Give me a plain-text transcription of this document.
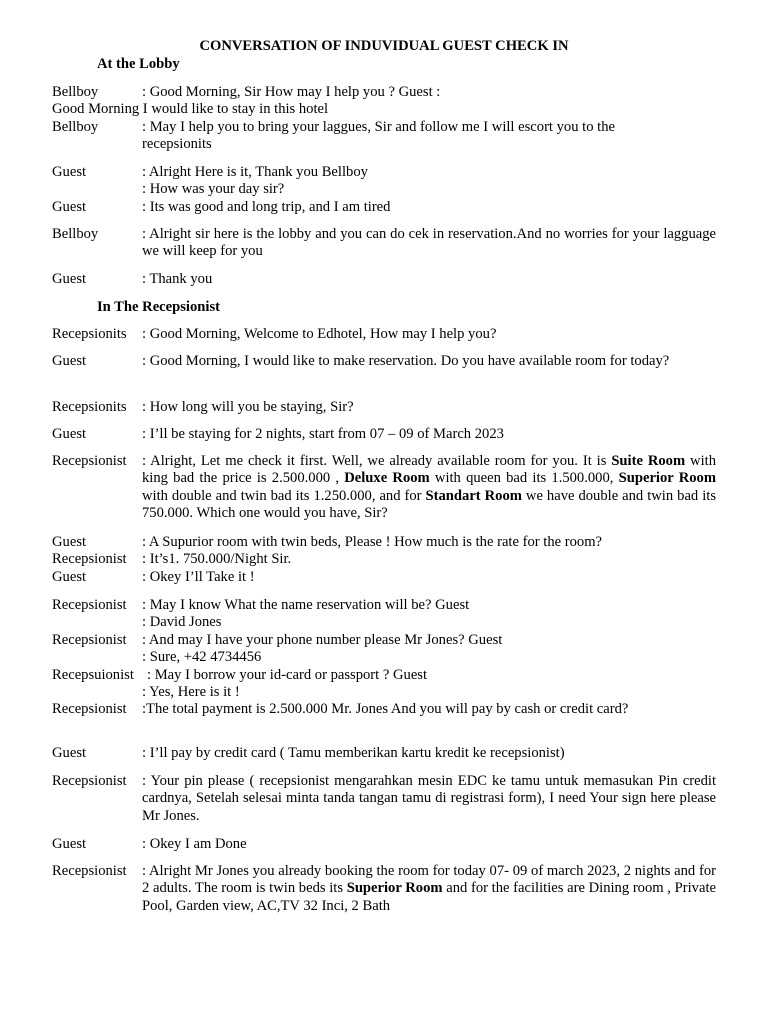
CONVERSATION OF INDUVIDUAL GUEST CHECK IN
At the Lobby
Bellboy	: Good Morning, Sir How may I help you ? Guest :
Good Morning I would like to stay in this hotel
Bellboy	: May I help you to bring your laggues, Sir and follow me I will escort you to the
recepsionits
Guest	: Alright Here is it, Thank you Bellboy
: How was your day sir?
Guest	: Its was good and long trip, and I am tired
Bellboy	: Alright sir here is the lobby and you can do cek in reservation.And no worries for your lagguage we will keep for you
Guest	: Thank you
In The Recepsionist
Recepsionits : Good Morning, Welcome to Edhotel, How may I help you?
Guest	: Good Morning, I would like to make reservation. Do you have available room for today?
Recepsionits : How long will you be staying, Sir?
Guest	: I’ll be staying for 2 nights, start from 07 – 09 of March 2023
Recepsionist	: Alright, Let me check it first. Well, we already available room for you. It is Suite Room with king bad the price is 2.500.000 , Deluxe Room with queen bad its 1.500.000, Superior Room with double and twin bad its 1.250.000, and for Standart Room we have double and twin bad its 750.000. Which one would you have, Sir?
Guest	: A Supurior room with twin beds, Please ! How much is the rate for the room?
Recepsionist : It’s1. 750.000/Night Sir.
Guest	: Okey I’ll Take it !
Recepsionist : May I know What the name reservation will be? Guest
: David Jones
Recepsionist : And may I have your phone number please Mr Jones? Guest
: Sure, +42 4734456
Recepsuionist : May I borrow your id-card or passport ? Guest
: Yes, Here is it !
Recepsionist	:The total payment is 2.500.000 Mr. Jones And you will pay by cash or credit card?
Guest	: I’ll pay by credit card ( Tamu memberikan kartu kredit ke recepsionist)
Recepsionist	: Your pin please ( recepsionist mengarahkan mesin EDC ke tamu untuk memasukan Pin credit cardnya, Setelah selesai minta tanda tangan tamu di registrasi form), I need Your sign here please Mr Jones.
Guest	: Okey I am Done
Recepsionist	: Alright Mr Jones you already booking the room for today 07- 09 of march 2023, 2 nights and for 2 adults. The room is twin beds its Superior Room and for the facilities are Dining room , Private Pool, Garden view, AC,TV 32 Inci, 2 Bath
